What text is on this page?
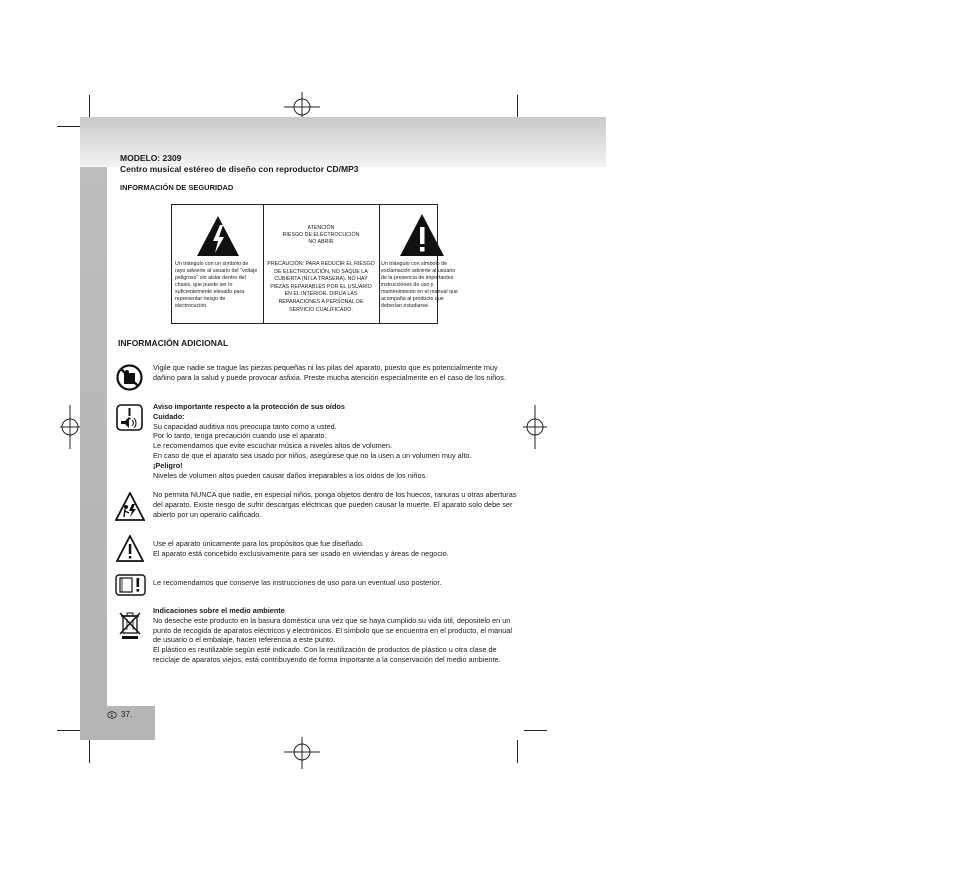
E 37.
MODELO: 2309
Centro musical estéreo de diseño con reproductor CD/MP3
INFORMACIÓN DE SEGURIDAD
Un triángulo con un símbolo de rayo advierte al usuario del "voltaje peligroso" sin aislar dentro del chasis, que puede ser lo suficientemente elevado para representar riesgo de electrocución.
ATENCIÓN
RIESGO DE ELECTROCUCIÓN
NO ABRIR
PRECAUCIÓN: PARA REDUCIR EL RIESGO DE ELECTROCUCIÓN, NO SAQUE LA CUBIERTA (NI LA TRASERA). NO HAY PIEZAS REPARABLES POR EL USUARIO EN EL INTERIOR. DIRIJA LAS REPARACIONES A PERSONAL DE SERVICIO CUALIFICADO.
Un triángulo con símbolo de exclamación advierte al usuario de la presencia de importantes instrucciones de uso y mantenimiento en el manual que acompaña al producto que deberían estudiarse.
INFORMACIÓN ADICIONAL
Vigile que nadie se trague las piezas pequeñas ni las pilas del aparato, puesto que es potencialmente muy dañino para la salud y puede provocar asfixia. Preste mucha atención especialmente en el caso de los niños.
Aviso importante respecto a la protección de sus oídos
Cuidado:
Su capacidad auditiva nos preocupa tanto como a usted.
Por lo tanto, tenga precaución cuando use el aparato.
Le recomendamos que evite escuchar música a niveles altos de volumen.
En caso de que el aparato sea usado por niños, asegúrese que no la usen a un volumen muy alto.
¡Peligro!
Niveles de volumen altos pueden causar daños irreparables a los oídos de los niños.
No permita NUNCA que nadie, en especial niños, ponga objetos dentro de los huecos, ranuras u otras aberturas del aparato. Existe riesgo de sufrir descargas eléctricas que pueden causar la muerte. El aparato solo debe ser abierto por un operario calificado.
Use el aparato únicamente para los propósitos que fue diseñado.
El aparato está concebido exclusivamente para ser usado en viviendas y áreas de negocio.
Le recomendamos que conserve las instrucciones de uso para un eventual uso posterior.
Indicaciones sobre el medio ambiente
No deseche este producto en la basura doméstica una vez que se haya cumplido su vida útil, depositelo en un punto de recogida de aparatos eléctricos y electrónicos. El símbolo que se encuentra en el producto, el manual de usuario o el embalaje, hacen referencia a este punto.
El plástico es reutilizable según esté indicado. Con la reutilización de productos de plástico u otra clase de reciclaje de aparatos viejos, está contribuyendo de forma importante a la conservación del medio ambiente.
